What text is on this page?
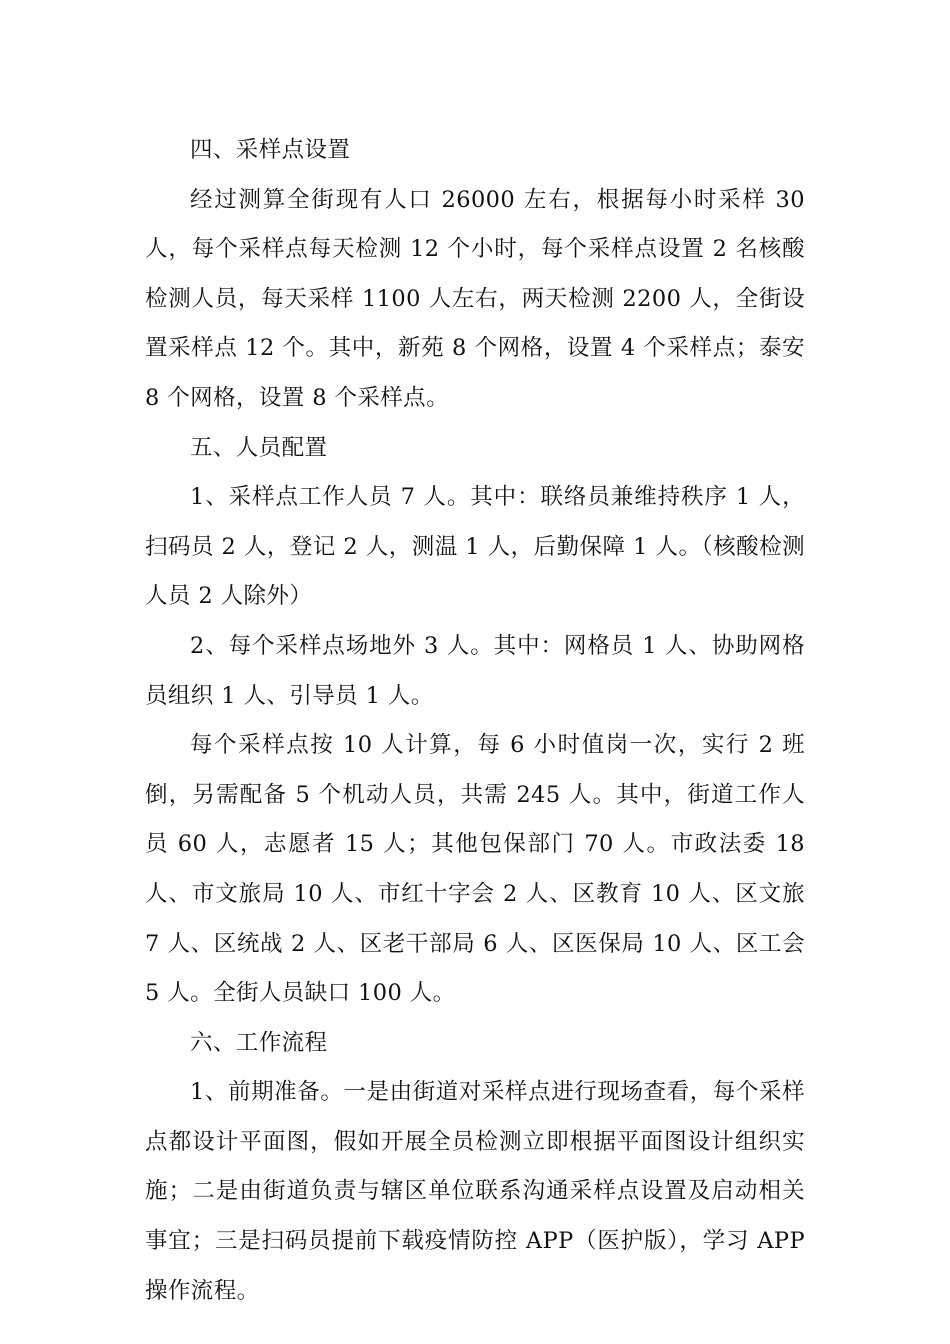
四、采样点设置

经过测算全街现有人口 26000 左右，根据每小时采样 30 人，每个采样点每天检测 12 个小时，每个采样点设置 2 名核酸检测人员，每天采样 1100 人左右，两天检测 2200 人，全街设置采样点 12 个。其中，新苑 8 个网格，设置 4 个采样点；泰安 8 个网格，设置 8 个采样点。

五、人员配置

1、采样点工作人员 7 人。其中：联络员兼维持秩序 1 人，扫码员 2 人，登记 2 人，测温 1 人，后勤保障 1 人。（核酸检测人员 2 人除外）

2、每个采样点场地外 3 人。其中：网格员 1 人、协助网格员组织 1 人、引导员 1 人。

每个采样点按 10 人计算，每 6 小时值岗一次，实行 2 班倒，另需配备 5 个机动人员，共需 245 人。其中，街道工作人员 60 人，志愿者 15 人；其他包保部门 70 人。市政法委 18 人、市文旅局 10 人、市红十字会 2 人、区教育 10 人、区文旅 7 人、区统战 2 人、区老干部局 6 人、区医保局 10 人、区工会 5 人。全街人员缺口 100 人。

六、工作流程

1、前期准备。一是由街道对采样点进行现场查看，每个采样点都设计平面图，假如开展全员检测立即根据平面图设计组织实施；二是由街道负责与辖区单位联系沟通采样点设置及启动相关事宜；三是扫码员提前下载疫情防控 APP（医护版），学习 APP 操作流程。
